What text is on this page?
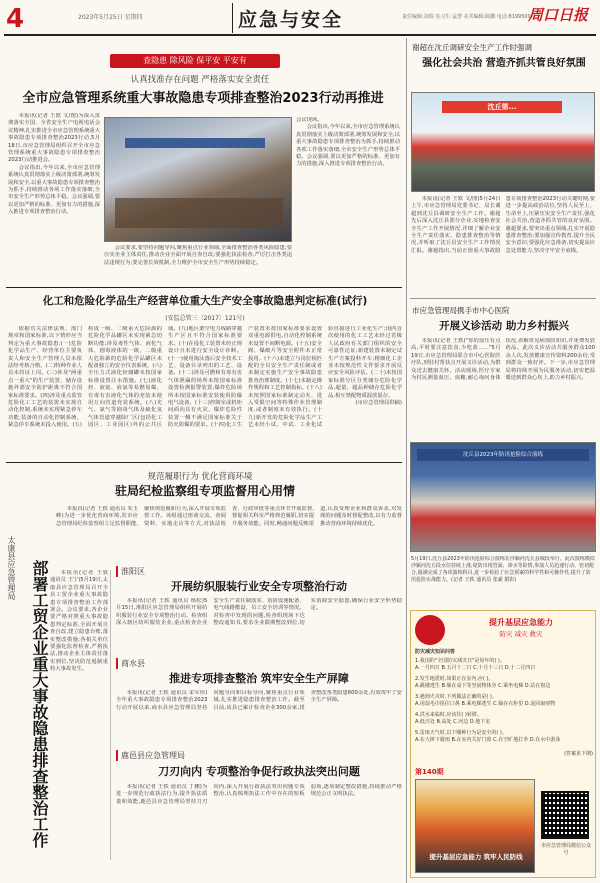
4	2023年5月25日 星期四	应急与安全	责任编辑:刘瑞 实习生:孟慧 美术编辑:陈鹏 电话:8199509
周口日报
查隐患 除风险 保平安 平安有
认真找准存在问题 严格落实安全责任
全市应急管理系统重大事故隐患专项排查整治2023行动再推进

本报讯(记者 王轶 文/图)为深入贯彻落实全国、全省安全生产电视电话会议精神,扎实推进全市应急管理系统重大事故隐患专项排查整治2023行动,5月18日,市应急管理局组织召开全市应急管理系统重大事故隐患专项排查整治2023行动推进会。

会议指出,今年以来,全市应急管理系统认真贯彻落实上级决策部署,统筹发展和安全,以重大事故隐患专项排查整治为抓手,持续推动各项工作落实落细,全市安全生产形势总体平稳。会议强调,要以更加严格的标准、更加有力的措施,深入推进专项排查整治行动。

会议要求,要坚持问题导向,聚焦重点行业领域,全面排查整治各类风险隐患;要压实企业主体责任,推动企业全面开展自查自改;要强化执法检查,严厉打击各类违法违规行为;要完善长效机制,全力维护全市安全生产形势持续稳定。

会议现场。

会议指出,今年以来,全市应急管理系统认真贯彻落实上级决策部署,统筹发展和安全,以重大事故隐患专项排查整治为抓手,持续推动各项工作落实落细,全市安全生产形势总体平稳。会议强调,要以更加严格的标准、更加有力的措施,深入推进专项排查整治行动。

化工和危险化学品生产经营单位重大生产安全事故隐患判定标准(试行)
(安监总管三〔2017〕121号)

依据有关法律法规、部门规章和国家标准,以下情形应当判定为重大事故隐患:(一)危险化学品生产、经营单位主要负责人和安全生产管理人员未依法经考核合格。(二)特种作业人员未持证上岗。(三)涉及"两重点一重大"的生产装置、储存设施外部安全防护距离不符合国家标准要求。(四)涉及重点监管危险化工工艺的装置未实现自动化控制,系统未实现紧急停车功能,装备的自动化控制系统、紧急停车系统未投入使用。(五)构成一级、二级重大危险源的危险化学品罐区未实现紧急切断功能;涉及毒性气体、液化气体、剧毒液体的一级、二级重大危险源的危险化学品罐区未配备独立的安全仪表系统。(六)全压力式液化烃储罐未按国家标准设置注水措施。(七)液化烃、液氨、液氯等易燃易爆、有毒有害液化气体的充装未使用万向管道充装系统。(八)光气、氯气等剧毒气体及硫化氢气体管道穿越除厂区(包括化工园区、工业园区)外的公共区域。(九)地区架空电力线路穿越生产区且不符合国家标准要求。(十)在役化工装置未经正规设计且未进行安全设计诊断。(十一)使用淘汰落后安全技术工艺、设备目录列出的工艺、设备。(十二)涉及可燃和有毒有害气体泄漏的场所未按国家标准设置检测报警装置,爆炸危险场所未按国家标准安装使用防爆电气设备。(十三)控制室或机柜间面向具有火灾、爆炸危险性装置一侧不满足国家标准关于防火防爆的要求。(十四)化工生产装置未按国家标准要求设置双重电源供电,自动化控制系统未设置不间断电源。(十五)安全阀、爆破片等安全附件未正常投用。(十六)未建立与岗位相匹配的全员安全生产责任制或者未制定实施生产安全事故隐患排查治理制度。(十七)未制定操作规程和工艺控制指标。(十八)未按照国家标准制定动火、进入受限空间等特殊作业管理制度,或者制度未有效执行。(十九)新开发的危险化学品生产工艺未经小试、中试、工业化试验直接进行工业化生产;国内首次使用的化工工艺未经过省级人民政府有关部门组织的安全可靠性论证;新建装置未制定试生产方案投料开车;精细化工企业未按规范性文件要求开展反应安全风险评估。(二十)未按国家标准分区分类储存危险化学品,超量、超品种储存危险化学品,相互禁配物质混放混存。

(市应急管理局供稿)

谢超在沈丘调研安全生产工作时强调
强化社会共治 营造齐抓共管良好氛围
沈丘第...

本报讯(记者 王轶 文/图)5月24日上午,市应急管理局党委书记、局长谢超到沈丘县调研安全生产工作。谢超先后深入沈丘县部分企业,实地检查安全生产工作开展情况,详细了解企业安全生产责任落实、隐患排查整治等情况,并听取了沈丘县安全生产工作情况汇报。谢超指出,当前正值重大事故隐患专项排查整治2023行动关键时期,要进一步提高政治站位,坚持人民至上、生命至上,压紧压实安全生产责任,强化社会共治,营造齐抓共管的良好氛围。谢超要求,要突出重点领域,扎实开展隐患排查整治;要加强宣传教育,提升全民安全意识;要强化应急准备,切实提高应急处置能力,坚决守牢安全底线。

市应急管理局携手市中心医院
开展义诊活动 助力乡村振兴

本报讯(记者 王轶)"你的血压有点高,平时要注意饮食,少吃盐……"5月19日,市应急管理局联合市中心医院医疗队,到驻村帮扶点开展义诊活动,为群众送去健康关怀。活动现场,医疗专家为村民测量血压、血糖,耐心询问身体状况,讲解常见病预防知识,并免费发放药品。此次义诊活动共服务群众100余人次,发放健康宣传资料200余份,受到群众一致好评。下一步,市应急管理局将持续开展为民服务活动,切实把温暖送到群众心坎上,助力乡村振兴。

沈丘县2023年防汛抢险综合演练
规范履职行为 优化营商环境
驻局纪检监察组专项监督用心用情

本报讯(记者 王轶 通讯员 朱玉峰)为进一步优化营商环境,驻市应急管理局纪检监察组立足监督职能,聚焦规范履职行为,深入开展专项监督工作。该组通过座谈交流、查阅资料、实地走访等方式,对执法检查、行政审批等重点环节开展监督,督促相关科室严格规范履职,切实提升服务效能。同时,畅通问题反映渠道,认真受理企业和群众诉求,对发现的问题及时督促整改,以有力监督推动营商环境持续优化。

太康县应急管理局 部署工贸企业重大事故隐患排查整治工作	本报讯(记者 王轶 通讯员 王宁)5月19日,太康县应急管理局召开全县工贸企业重大事故隐患专项排查整治工作部署会。会议要求,各企业要严格对照重大事故隐患判定标准,全面开展自查自改,建立隐患台账,落实整改措施;各相关单位要强化监督检查,严格执法,推动企业主体责任落实到位,坚决防范遏制重特大事故发生。

淮阳区
开展纺织服装行业安全专项整治行动

本报讯(记者 王轶 通讯员 杨松)5月15日,淮阳区应急管理局组织开展纺织服装行业安全专项整治行动。检查组深入辖区纺织服装企业,重点检查企业安全生产责任制落实、消防设施配备、电气线路敷设、员工安全培训等情况。对检查中发现的问题,检查组现场下达整改通知书,要求企业限期整改到位,切实消除安全隐患,确保行业安全形势稳定。

商水县
推进专项排查整治 筑牢安全生产屏障

本报讯(记者 王轶 通讯员 宋军伟)全年重大事故隐患专项排查整治2023行动开展以来,商水县应急管理局坚持问题导向和目标导向,聚焦重点行业领域,扎实推进隐患排查整治工作。截至目前,该县已累计检查企业300余家,排查整改各类隐患600余处,有效筑牢了安全生产屏障。

鹿邑县应急管理局
刀刃向内 专项整治争促行政执法突出问题

本报讯(记者 王轶 通讯员 丁鹏)为进一步规范行政执法行为,提升执法质量和效能,鹿邑县应急管理局坚持刀刃向内,深入开展行政执法突出问题专项整治,认真梳理执法工作中存在的短板弱项,逐项制定整改措施,持续推动严格规范公正文明执法。

5月19日,沈丘县2023年防汛抢险综合演练在沙颍河沈丘县城段举行。此次演练模拟沙颍河沈丘段水位持续上涨,堤防出现管涌、渗水等险情,参演人员迅速行动、密切配合,圆满完成了各项演练科目,进一步检验了应急预案的科学性和可操作性,提升了防汛抢险实战能力。(记者 王轶 通讯员 张豪 摄影)
提升基层应急能力
防灾 减灾 救灾
防灾减灾知识问答
1.我国的"全国防灾减灾日"是每年的( )。
A.一月四日 B.五月十二日 C.十月十三日 D.十二月四日
2.发生地震时,如果正在室内,应( )。
A.跳楼逃生 B.躲在桌下等坚固物体旁 C.乘坐电梯 D.站在窗边
3.遇到火灾时,下列做法正确的是( )。
A.用湿毛巾捂住口鼻 B.乘电梯逃生 C.躲在衣柜里 D.返回取财物
4.洪水来临时,应该往( )转移。
A.低洼处 B.高处 C.河边 D.地下室
5.雷雨天气时,以下哪种行为是安全的( )。
A.在大树下避雨 B.在室内关好门窗 C.在空旷地打伞 D.在水中游泳
(答案见下期)
第140期
提升基层应急能力 筑牢人民防线
市应急管理局微信公众号
